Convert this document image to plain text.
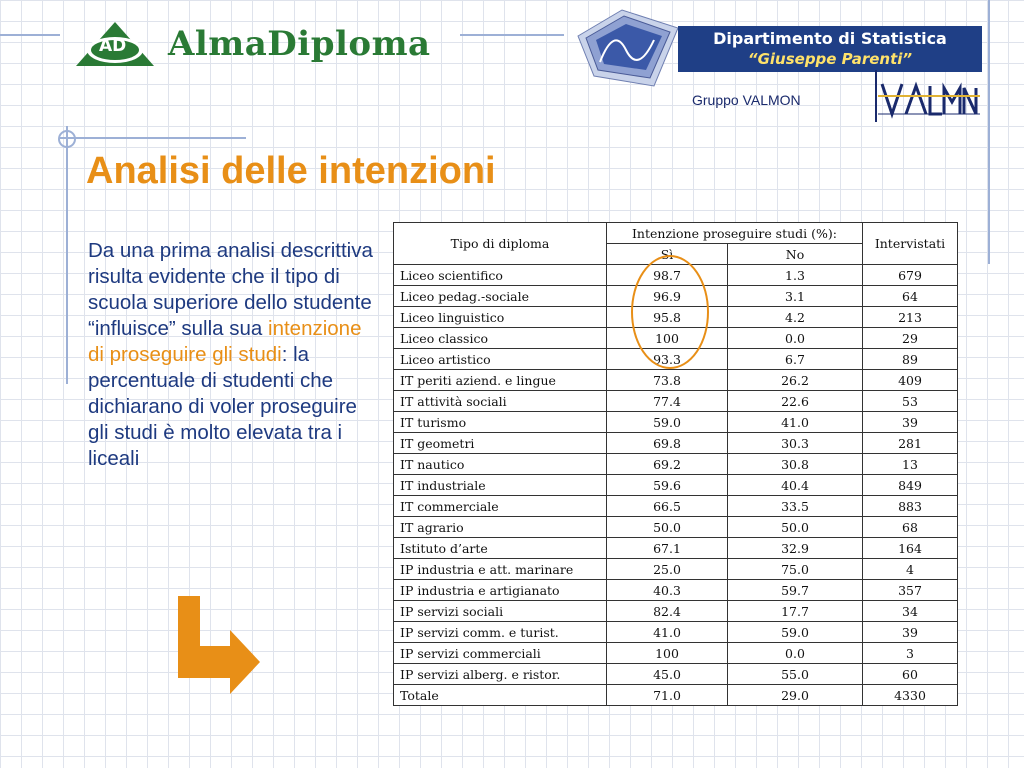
AD AlmaDiploma	Dipartimento di Statistica
“Giuseppe Parenti”
Gruppo VALMON
Analisi delle intenzioni
Da una prima analisi descrittiva risulta evidente che il tipo di scuola superiore dello studente “influisce” sulla sua intenzione di proseguire gli studi: la percentuale di studenti che dichiarano di voler proseguire gli studi è molto elevata tra i liceali
Tipo di diploma	Intenzione proseguire studi (%):		Intervistati
	Sì	No	
Liceo scientifico	98.7	1.3	679
Liceo pedag.-sociale	96.9	3.1	64
Liceo linguistico	95.8	4.2	213
Liceo classico	100	0.0	29
Liceo artistico	93.3	6.7	89
IT periti aziend. e lingue	73.8	26.2	409
IT attività sociali	77.4	22.6	53
IT turismo	59.0	41.0	39
IT geometri	69.8	30.3	281
IT nautico	69.2	30.8	13
IT industriale	59.6	40.4	849
IT commerciale	66.5	33.5	883
IT agrario	50.0	50.0	68
Istituto d’arte	67.1	32.9	164
IP industria e att. marinare	25.0	75.0	4
IP industria e artigianato	40.3	59.7	357
IP servizi sociali	82.4	17.7	34
IP servizi comm. e turist.	41.0	59.0	39
IP servizi commerciali	100	0.0	3
IP servizi alberg. e ristor.	45.0	55.0	60
Totale	71.0	29.0	4330
